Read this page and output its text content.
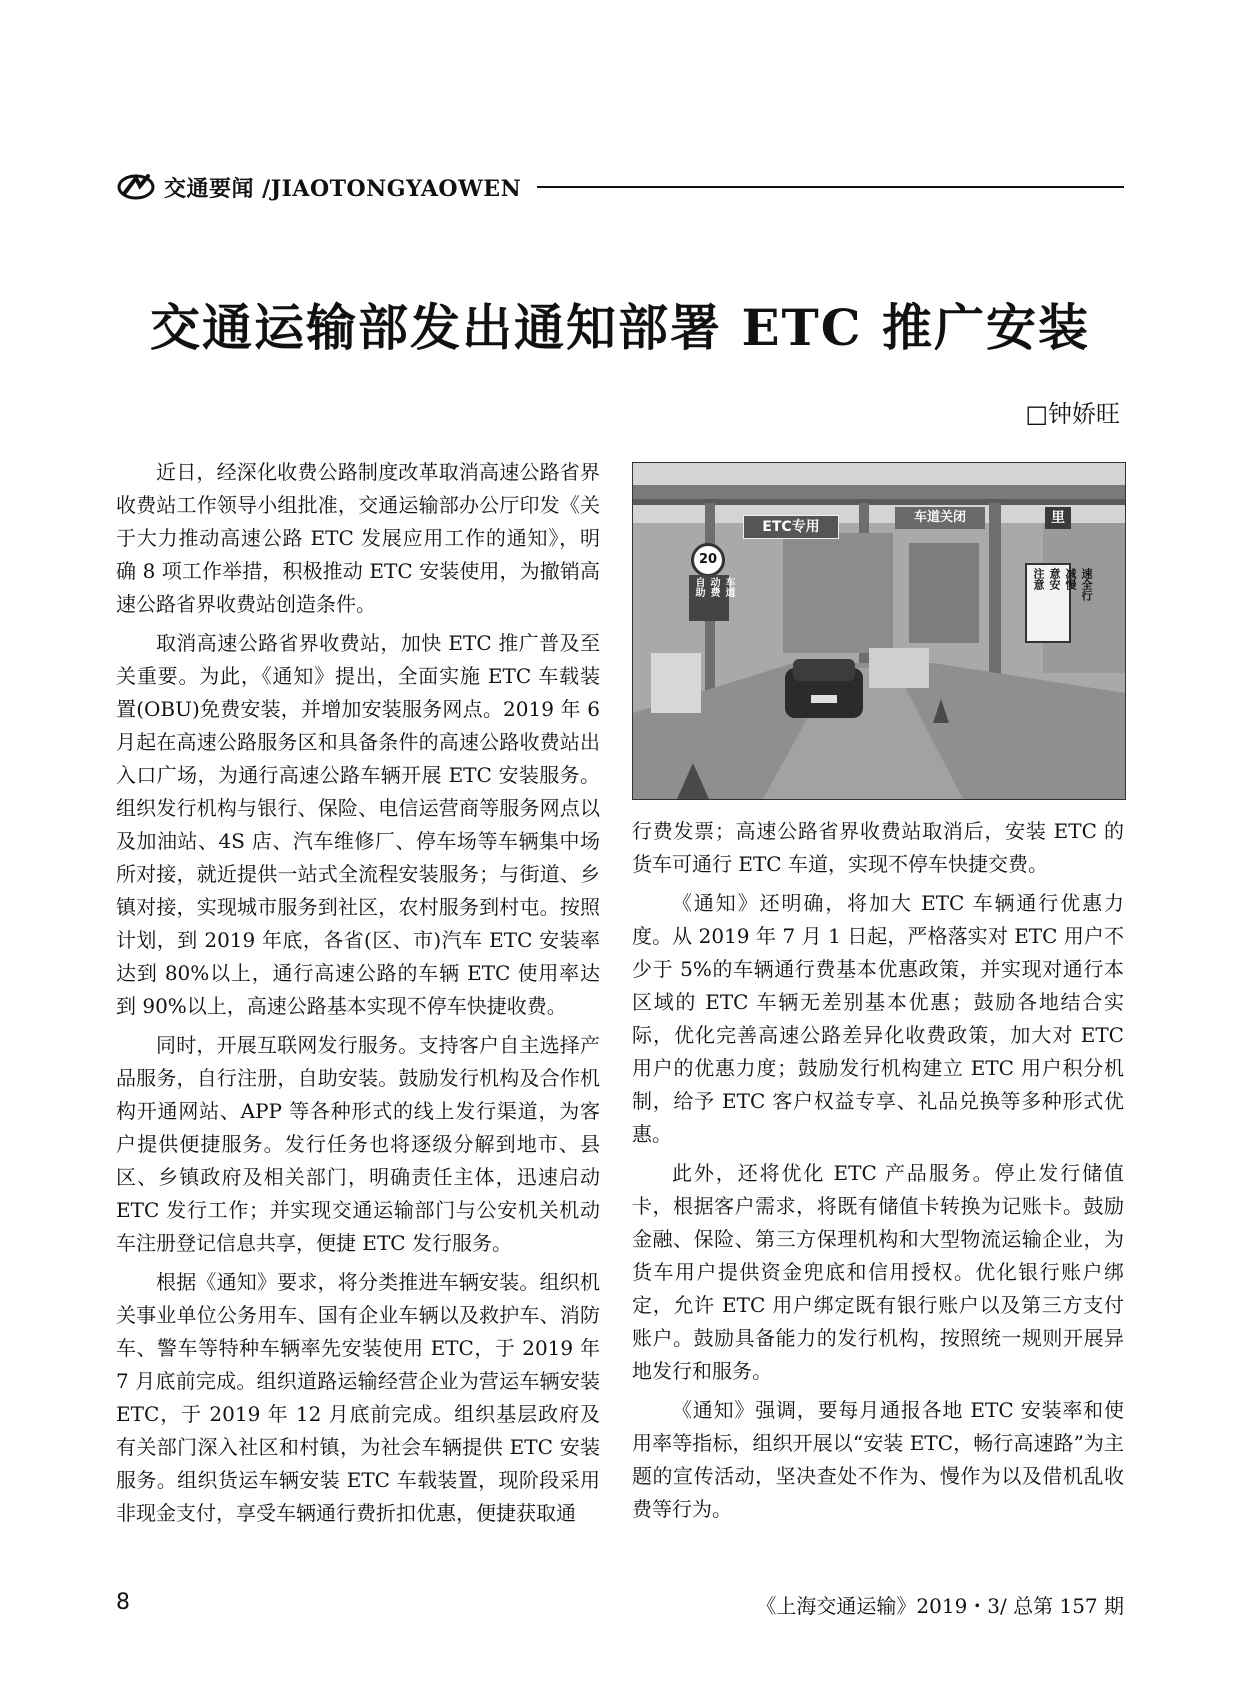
交通要闻 /JIAOTONGYAOWEN
交通运输部发出通知部署 ETC 推广安装
□钟娇旺

近日，经深化收费公路制度改革取消高速公路省界收费站工作领导小组批准，交通运输部办公厅印发《关于大力推动高速公路 ETC 发展应用工作的通知》，明确 8 项工作举措，积极推动 ETC 安装使用，为撤销高速公路省界收费站创造条件。

取消高速公路省界收费站，加快 ETC 推广普及至关重要。为此，《通知》提出，全面实施 ETC 车载装置(OBU)免费安装，并增加安装服务网点。2019 年 6 月起在高速公路服务区和具备条件的高速公路收费站出入口广场，为通行高速公路车辆开展 ETC 安装服务。组织发行机构与银行、保险、电信运营商等服务网点以及加油站、4S 店、汽车维修厂、停车场等车辆集中场所对接，就近提供一站式全流程安装服务；与街道、乡镇对接，实现城市服务到社区，农村服务到村屯。按照计划，到 2019 年底，各省(区、市)汽车 ETC 安装率达到 80%以上，通行高速公路的车辆 ETC 使用率达到 90%以上，高速公路基本实现不停车快捷收费。

同时，开展互联网发行服务。支持客户自主选择产品服务，自行注册，自助安装。鼓励发行机构及合作机构开通网站、APP 等各种形式的线上发行渠道，为客户提供便捷服务。发行任务也将逐级分解到地市、县区、乡镇政府及相关部门，明确责任主体，迅速启动 ETC 发行工作；并实现交通运输部门与公安机关机动车注册登记信息共享，便捷 ETC 发行服务。

根据《通知》要求，将分类推进车辆安装。组织机关事业单位公务用车、国有企业车辆以及救护车、消防车、警车等特种车辆率先安装使用 ETC，于 2019 年 7 月底前完成。组织道路运输经营企业为营运车辆安装 ETC，于 2019 年 12 月底前完成。组织基层政府及有关部门深入社区和村镇，为社会车辆提供 ETC 安装服务。组织货运车辆安装 ETC 车载装置，现阶段采用非现金支付，享受车辆通行费折扣优惠，便捷获取通

ETC专用
车道关闭	里
20
自助 动费 车道	注意 意安 减慢 速全行

行费发票；高速公路省界收费站取消后，安装 ETC 的货车可通行 ETC 车道，实现不停车快捷交费。

《通知》还明确，将加大 ETC 车辆通行优惠力度。从 2019 年 7 月 1 日起，严格落实对 ETC 用户不少于 5%的车辆通行费基本优惠政策，并实现对通行本区域的 ETC 车辆无差别基本优惠；鼓励各地结合实际，优化完善高速公路差异化收费政策，加大对 ETC 用户的优惠力度；鼓励发行机构建立 ETC 用户积分机制，给予 ETC 客户权益专享、礼品兑换等多种形式优惠。

此外，还将优化 ETC 产品服务。停止发行储值卡，根据客户需求，将既有储值卡转换为记账卡。鼓励金融、保险、第三方保理机构和大型物流运输企业，为货车用户提供资金兜底和信用授权。优化银行账户绑定，允许 ETC 用户绑定既有银行账户以及第三方支付账户。鼓励具备能力的发行机构，按照统一规则开展异地发行和服务。

《通知》强调，要每月通报各地 ETC 安装率和使用率等指标，组织开展以“安装 ETC，畅行高速路”为主题的宣传活动，坚决查处不作为、慢作为以及借机乱收费等行为。

8	《上海交通运输》2019・3/ 总第 157 期
